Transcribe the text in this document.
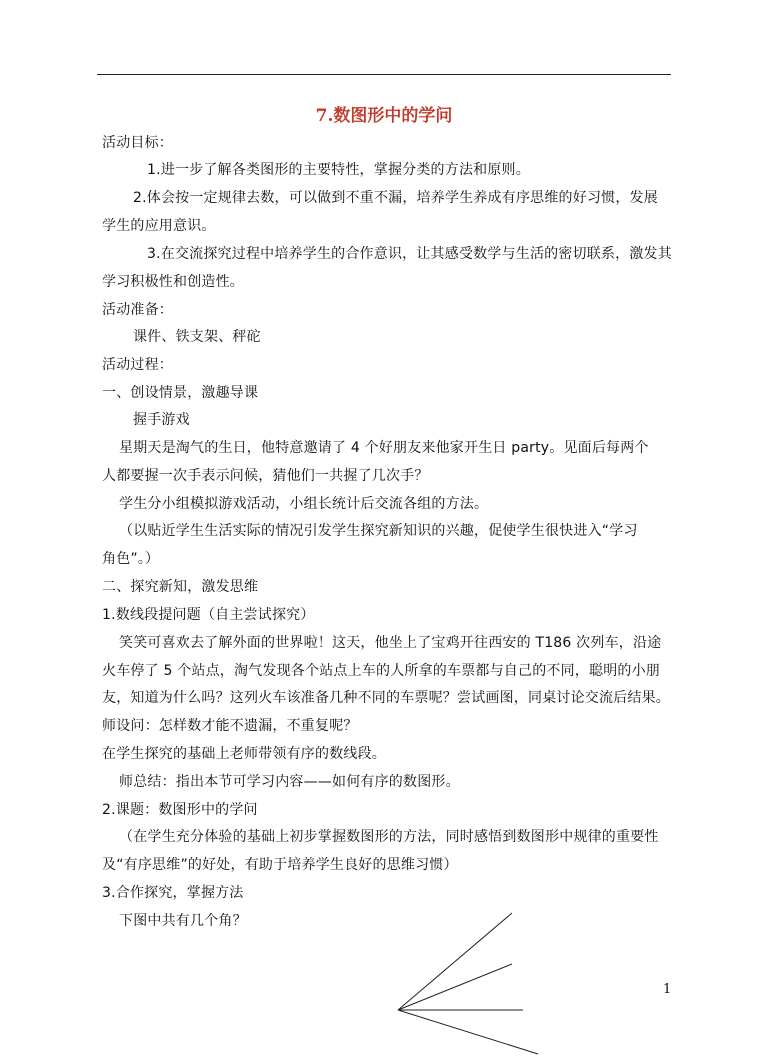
7.数图形中的学问
活动目标：
1.进一步了解各类图形的主要特性，掌握分类的方法和原则。
2.体会按一定规律去数，可以做到不重不漏，培养学生养成有序思维的好习惯，发展
学生的应用意识。
3.在交流探究过程中培养学生的合作意识，让其感受数学与生活的密切联系，激发其
学习积极性和创造性。
活动准备：
课件、铁支架、秤砣
活动过程：
一、创设情景，激趣导课
握手游戏
星期天是淘气的生日，他特意邀请了 4 个好朋友来他家开生日 party。见面后每两个
人都要握一次手表示问候，猜他们一共握了几次手？
学生分小组模拟游戏活动，小组长统计后交流各组的方法。
（以贴近学生生活实际的情况引发学生探究新知识的兴趣，促使学生很快进入“学习
角色”。）
二、探究新知，激发思维
1.数线段提问题（自主尝试探究）
笑笑可喜欢去了解外面的世界啦！这天，他坐上了宝鸡开往西安的 T186 次列车，沿途
火车停了 5 个站点，淘气发现各个站点上车的人所拿的车票都与自己的不同，聪明的小朋
友，知道为什么吗？这列火车该准备几种不同的车票呢？尝试画图，同桌讨论交流后结果。
师设问：怎样数才能不遗漏，不重复呢？
在学生探究的基础上老师带领有序的数线段。
师总结：指出本节可学习内容——如何有序的数图形。
2.课题：数图形中的学问
（在学生充分体验的基础上初步掌握数图形的方法，同时感悟到数图形中规律的重要性
及“有序思维”的好处，有助于培养学生良好的思维习惯）
3.合作探究，掌握方法
下图中共有几个角？
1
